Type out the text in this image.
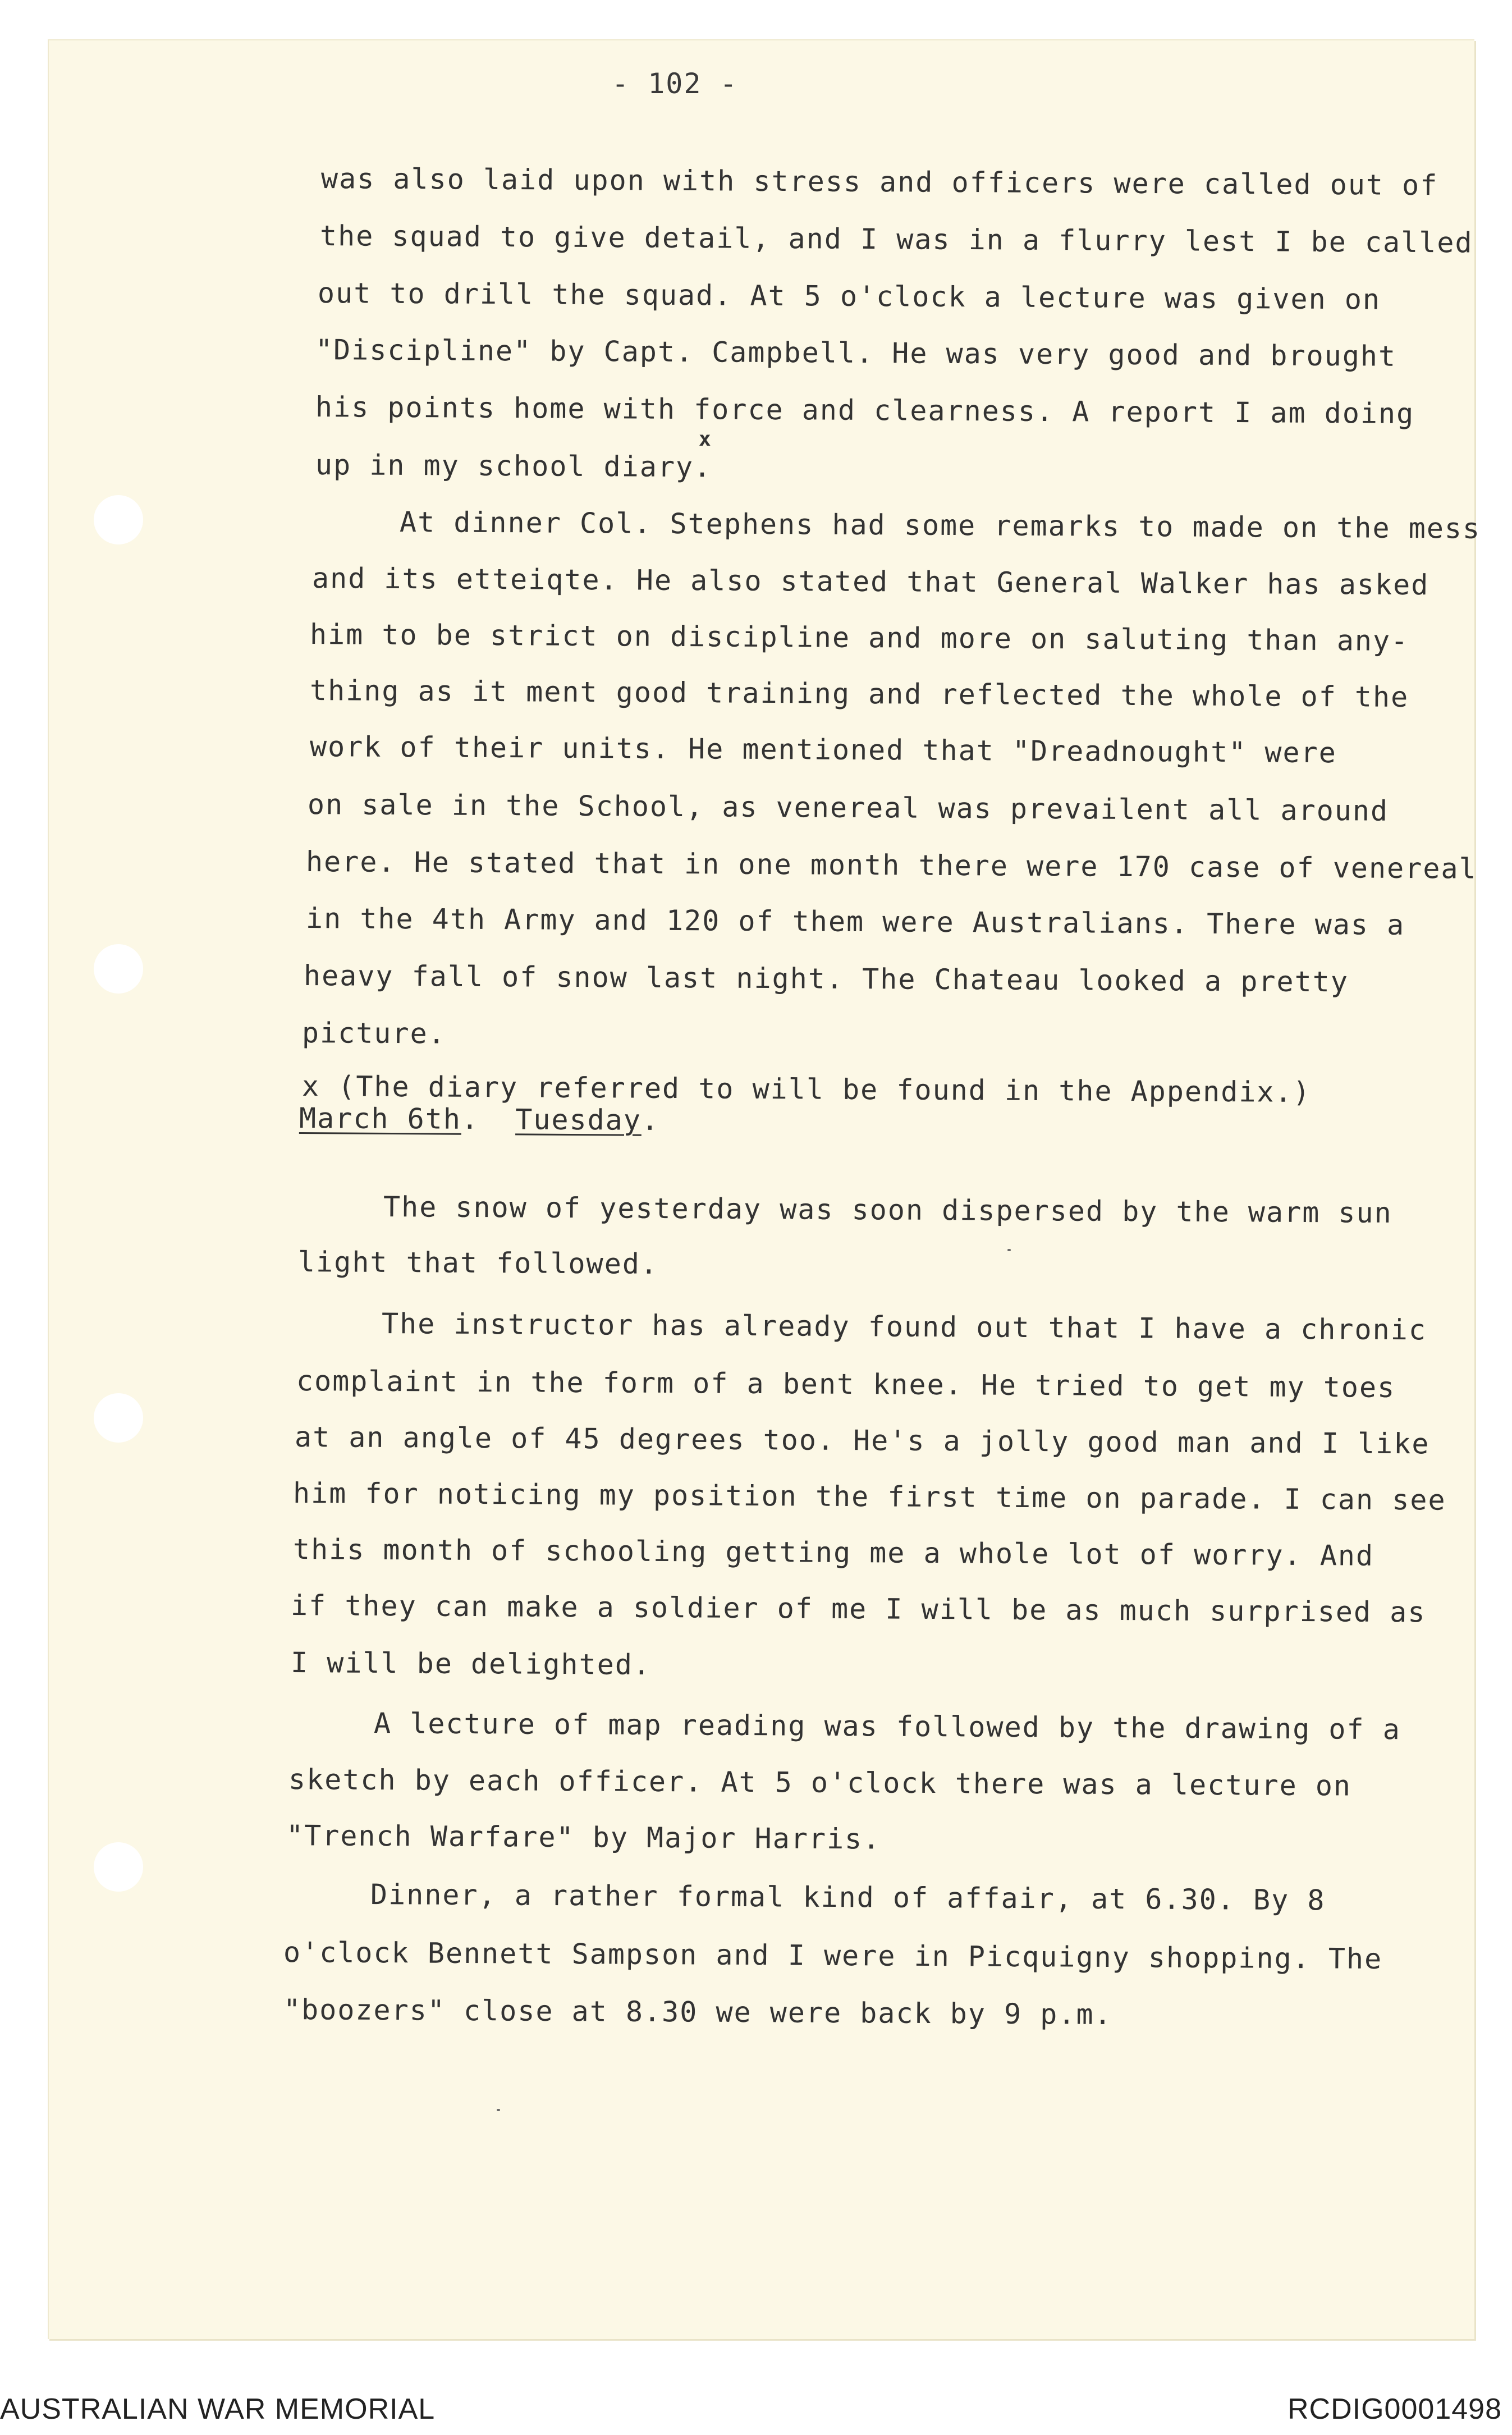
- 102 -
was also laid upon with stress and officers were called out of
the squad to give detail, and I was in a flurry lest I be called
out to drill the squad. At 5 o'clock a lecture was given on
"Discipline" by Capt. Campbell. He was very good and brought
his points home with force and clearness. A report I am doing
up in my school diary.
x
At dinner Col. Stephens had some remarks to made on the mess
and its etteiqte. He also stated that General Walker has asked
him to be strict on discipline and more on saluting than any-
thing as it ment good training and reflected the whole of the
work of their units. He mentioned that "Dreadnought" were
on sale in the School, as venereal was prevailent all around
here. He stated that in one month there were 170 case of venereal
in the 4th Army and 120 of them were Australians. There was a
heavy fall of snow last night. The Chateau looked a pretty
picture.
x (The diary referred to will be found in the Appendix.)
March 6th. Tuesday.
The snow of yesterday was soon dispersed by the warm sun
light that followed.
The instructor has already found out that I have a chronic
complaint in the form of a bent knee. He tried to get my toes
at an angle of 45 degrees too. He's a jolly good man and I like
him for noticing my position the first time on parade. I can see
this month of schooling getting me a whole lot of worry. And
if they can make a soldier of me I will be as much surprised as
I will be delighted.
A lecture of map reading was followed by the drawing of a
sketch by each officer. At 5 o'clock there was a lecture on
"Trench Warfare" by Major Harris.
Dinner, a rather formal kind of affair, at 6.30. By 8
o'clock Bennett Sampson and I were in Picquigny shopping. The
"boozers" close at 8.30 we were back by 9 p.m.
AUSTRALIAN WAR MEMORIAL	RCDIG0001498
